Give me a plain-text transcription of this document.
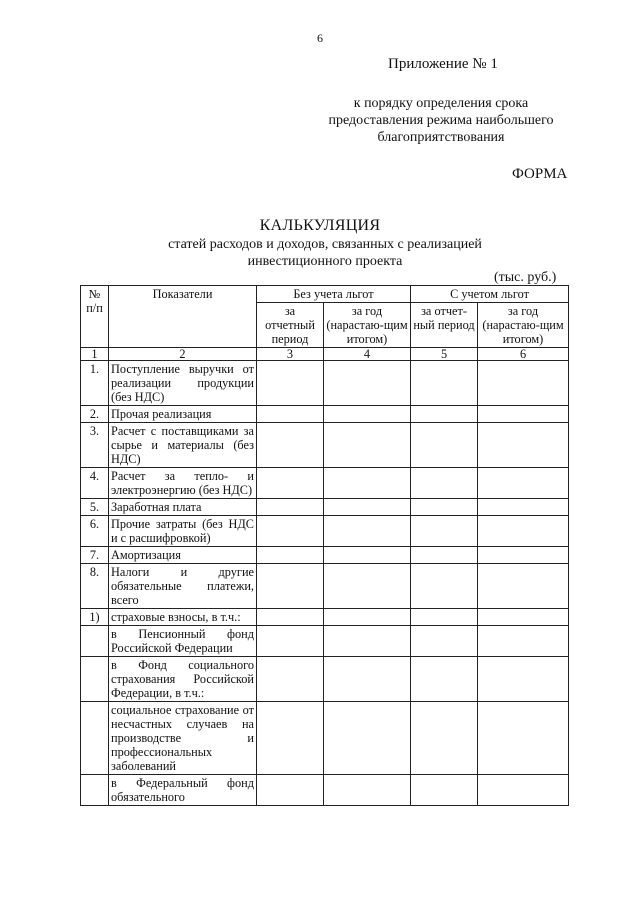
6
Приложение № 1
к порядку определения срока
предоставления режима наибольшего
благоприятствования
ФОРМА
КАЛЬКУЛЯЦИЯ
статей расходов и доходов, связанных с реализацией
инвестиционного проекта
(тыс. руб.)
№ п/п	Показатели	Без учета льгот		С учетом льгот	
		за отчетный период	за год (нарастаю-щим итогом)	за отчет-ный период	за год (нарастаю-щим итогом)
1	2	3	4	5	6
1.	Поступление выручки от реализации продукции (без НДС)				
2.	Прочая реализация				
3.	Расчет с поставщиками за сырье и материалы (без НДС)				
4.	Расчет за тепло- и электроэнергию (без НДС)				
5.	Заработная плата				
6.	Прочие затраты (без НДС и с расшифровкой)				
7.	Амортизация				
8.	Налоги и другие обязательные платежи, всего				
1)	страховые взносы, в т.ч.:				
	в Пенсионный фонд Российской Федерации				
	в Фонд социального страхования Российской Федерации, в т.ч.:				
	социальное страхование от несчастных случаев на производстве и профессиональных заболеваний				
	в Федеральный фонд обязательного				
